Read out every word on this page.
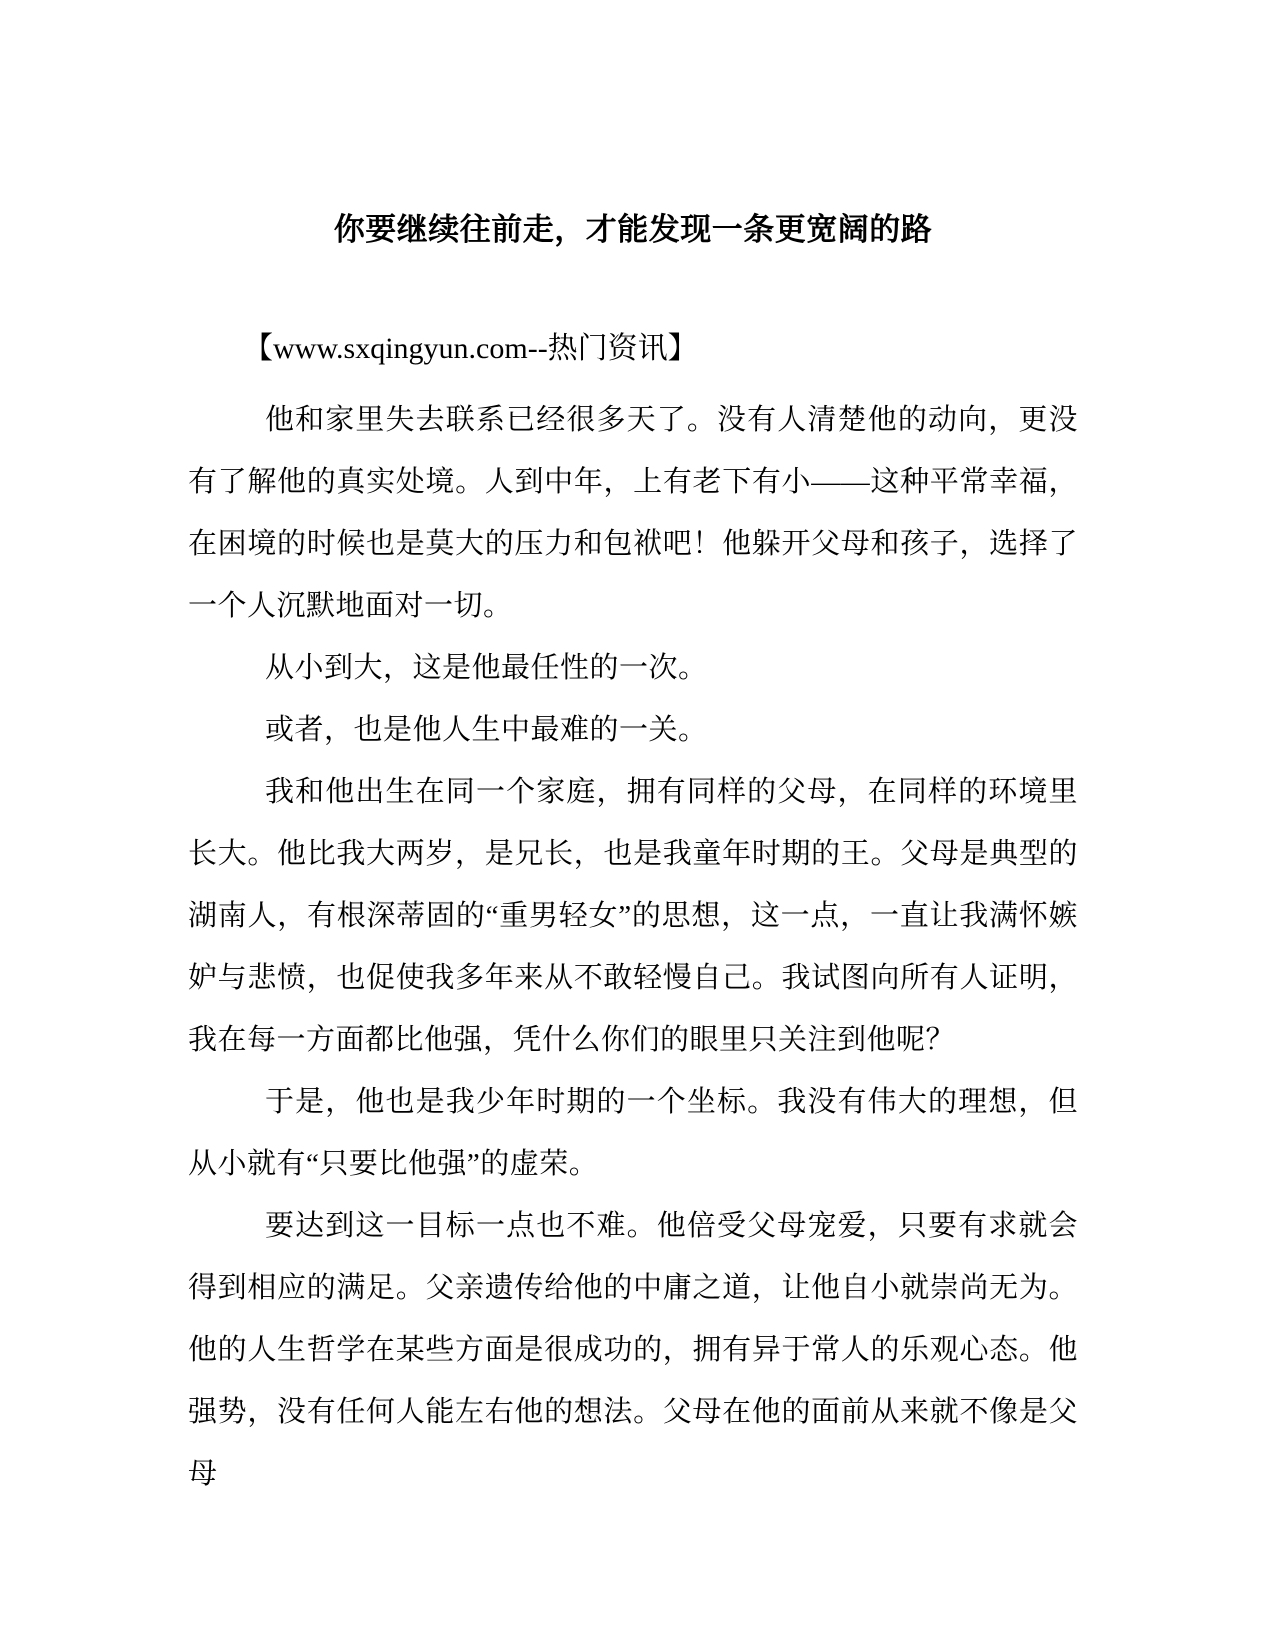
你要继续往前走，才能发现一条更宽阔的路

【www.sxqingyun.com--热门资讯】

他和家里失去联系已经很多天了。没有人清楚他的动向，更没有了解他的真实处境。人到中年，上有老下有小——这种平常幸福，在困境的时候也是莫大的压力和包袱吧！他躲开父母和孩子，选择了一个人沉默地面对一切。

从小到大，这是他最任性的一次。

或者，也是他人生中最难的一关。

我和他出生在同一个家庭，拥有同样的父母，在同样的环境里长大。他比我大两岁，是兄长，也是我童年时期的王。父母是典型的湖南人，有根深蒂固的“重男轻女”的思想，这一点，一直让我满怀嫉妒与悲愤，也促使我多年来从不敢轻慢自己。我试图向所有人证明，我在每一方面都比他强，凭什么你们的眼里只关注到他呢？

于是，他也是我少年时期的一个坐标。我没有伟大的理想，但从小就有“只要比他强”的虚荣。

要达到这一目标一点也不难。他倍受父母宠爱，只要有求就会得到相应的满足。父亲遗传给他的中庸之道，让他自小就崇尚无为。他的人生哲学在某些方面是很成功的，拥有异于常人的乐观心态。他强势，没有任何人能左右他的想法。父母在他的面前从来就不像是父母
